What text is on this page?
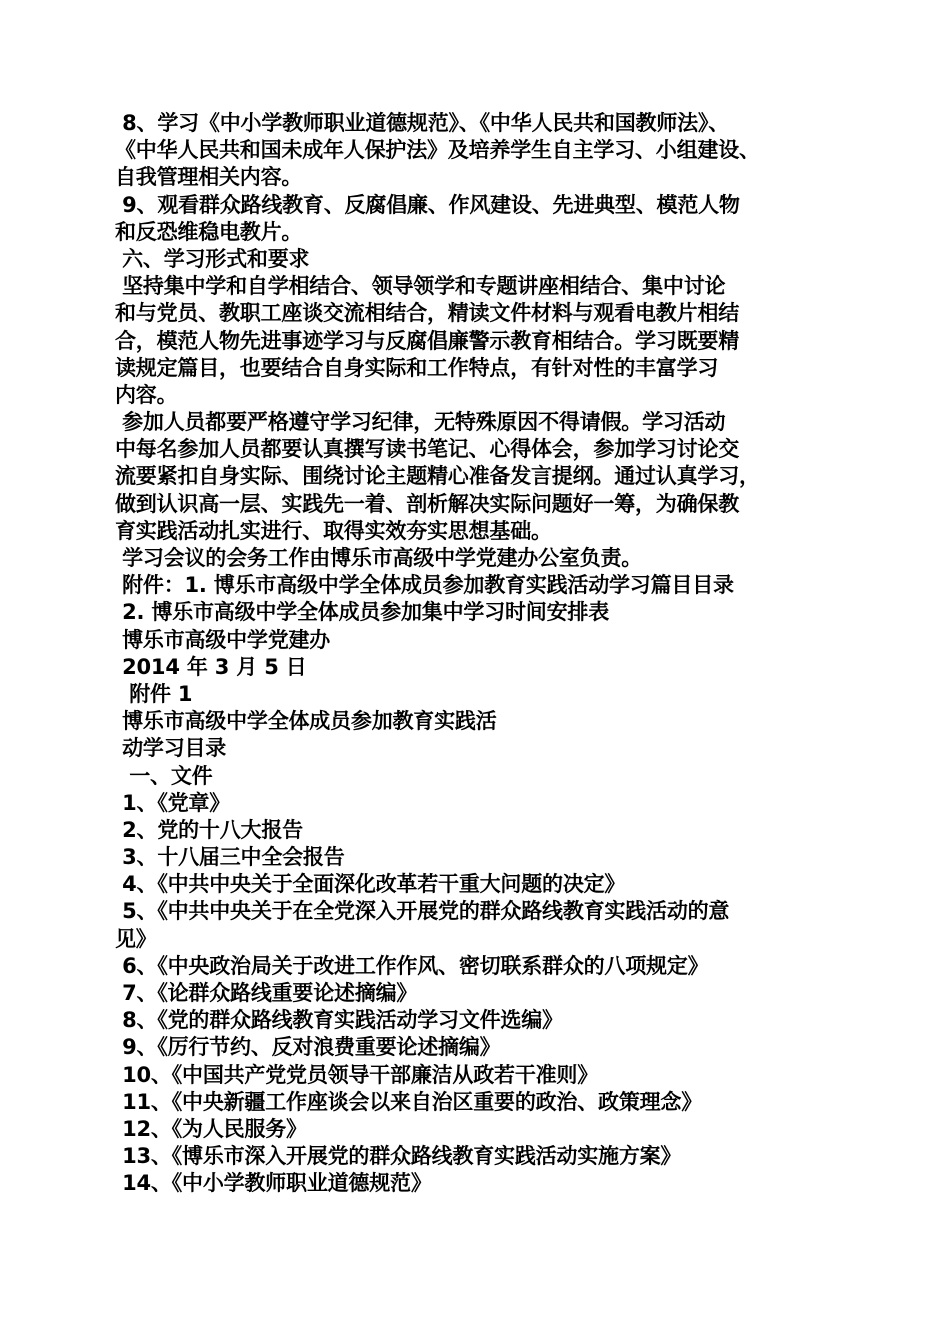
8、学习《中小学教师职业道德规范》、《中华人民共和国教师法》、
《中华人民共和国未成年人保护法》及培养学生自主学习、小组建设、
自我管理相关内容。
9、观看群众路线教育、反腐倡廉、作风建设、先进典型、模范人物
和反恐维稳电教片。
六、学习形式和要求
坚持集中学和自学相结合、领导领学和专题讲座相结合、集中讨论
和与党员、教职工座谈交流相结合，精读文件材料与观看电教片相结
合，模范人物先进事迹学习与反腐倡廉警示教育相结合。学习既要精
读规定篇目，也要结合自身实际和工作特点，有针对性的丰富学习
内容。
参加人员都要严格遵守学习纪律，无特殊原因不得请假。学习活动
中每名参加人员都要认真撰写读书笔记、心得体会，参加学习讨论交
流要紧扣自身实际、围绕讨论主题精心准备发言提纲。通过认真学习，
做到认识高一层、实践先一着、剖析解决实际问题好一筹，为确保教
育实践活动扎实进行、取得实效夯实思想基础。
学习会议的会务工作由博乐市高级中学党建办公室负责。
附件：1. 博乐市高级中学全体成员参加教育实践活动学习篇目目录
2. 博乐市高级中学全体成员参加集中学习时间安排表
博乐市高级中学党建办
2014 年 3 月 5 日
附件 1
博乐市高级中学全体成员参加教育实践活
动学习目录
一、文件
1、《党章》
2、党的十八大报告
3、十八届三中全会报告
4、《中共中央关于全面深化改革若干重大问题的决定》
5、《中共中央关于在全党深入开展党的群众路线教育实践活动的意
见》
6、《中央政治局关于改进工作作风、密切联系群众的八项规定》
7、《论群众路线重要论述摘编》
8、《党的群众路线教育实践活动学习文件选编》
9、《厉行节约、反对浪费重要论述摘编》
10、《中国共产党党员领导干部廉洁从政若干准则》
11、《中央新疆工作座谈会以来自治区重要的政治、政策理念》
12、《为人民服务》
13、《博乐市深入开展党的群众路线教育实践活动实施方案》
14、《中小学教师职业道德规范》
